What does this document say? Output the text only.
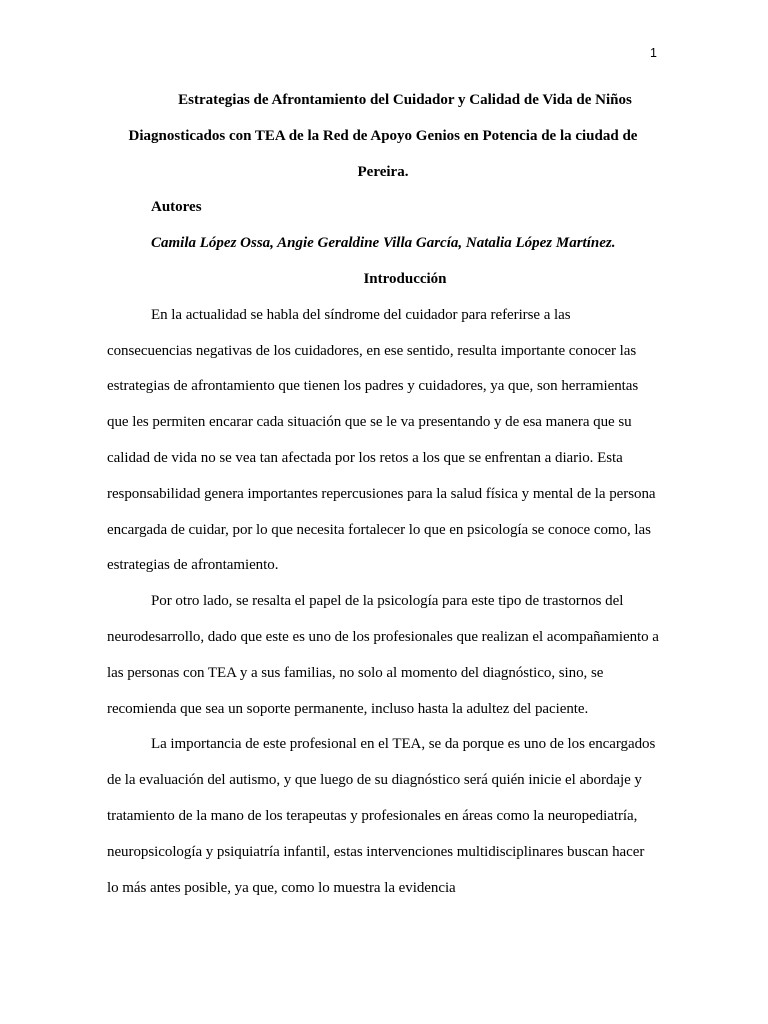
1

Estrategias de Afrontamiento del Cuidador y Calidad de Vida de Niños Diagnosticados con TEA de la Red de Apoyo Genios en Potencia de la ciudad de Pereira.

Autores

Camila López Ossa, Angie Geraldine Villa García, Natalia López Martínez.

Introducción

En la actualidad se habla del síndrome del cuidador para referirse a las consecuencias negativas de los cuidadores, en ese sentido, resulta importante conocer las estrategias de afrontamiento que tienen los padres y cuidadores, ya que, son herramientas que les permiten encarar cada situación que se le va presentando y de esa manera que su calidad de vida no se vea tan afectada por los retos a los que se enfrentan a diario. Esta responsabilidad genera importantes repercusiones para la salud física y mental de la persona encargada de cuidar, por lo que necesita fortalecer lo que en psicología se conoce como, las estrategias de afrontamiento.

Por otro lado, se resalta el papel de la psicología para este tipo de trastornos del neurodesarrollo, dado que este es uno de los profesionales que realizan el acompañamiento a las personas con TEA y a sus familias, no solo al momento del diagnóstico, sino, se recomienda que sea un soporte permanente, incluso hasta la adultez del paciente.

La importancia de este profesional en el TEA, se da porque es uno de los encargados de la evaluación del autismo, y que luego de su diagnóstico será quién inicie el abordaje y tratamiento de la mano de los terapeutas y profesionales en áreas como la neuropediatría, neuropsicología y psiquiatría infantil, estas intervenciones multidisciplinares buscan hacer lo más antes posible, ya que, como lo muestra la evidencia
